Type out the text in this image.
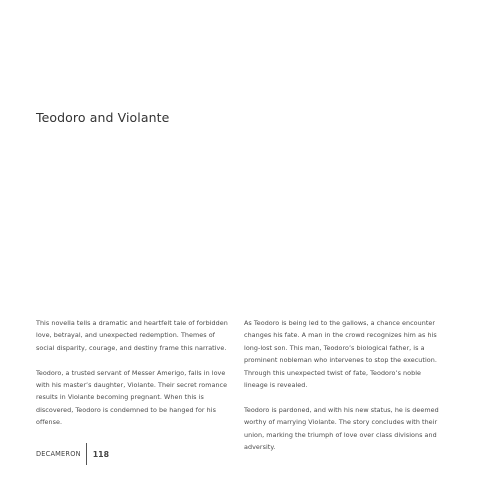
Teodoro and Violante

This novella tells a dramatic and heartfelt tale of forbidden love, betrayal, and unexpected redemption. Themes of social disparity, courage, and destiny frame this narrative.

Teodoro, a trusted servant of Messer Amerigo, falls in love with his master’s daughter, Violante. Their secret romance results in Violante becoming pregnant. When this is discovered, Teodoro is condemned to be hanged for his offense.

As Teodoro is being led to the gallows, a chance encounter changes his fate. A man in the crowd recognizes him as his long-lost son. This man, Teodoro’s biological father, is a prominent nobleman who intervenes to stop the execution. Through this unexpected twist of fate, Teodoro’s noble lineage is revealed.

Teodoro is pardoned, and with his new status, he is deemed worthy of marrying Violante. The story concludes with their union, marking the triumph of love over class divisions and adversity.

DECAMERON 118
